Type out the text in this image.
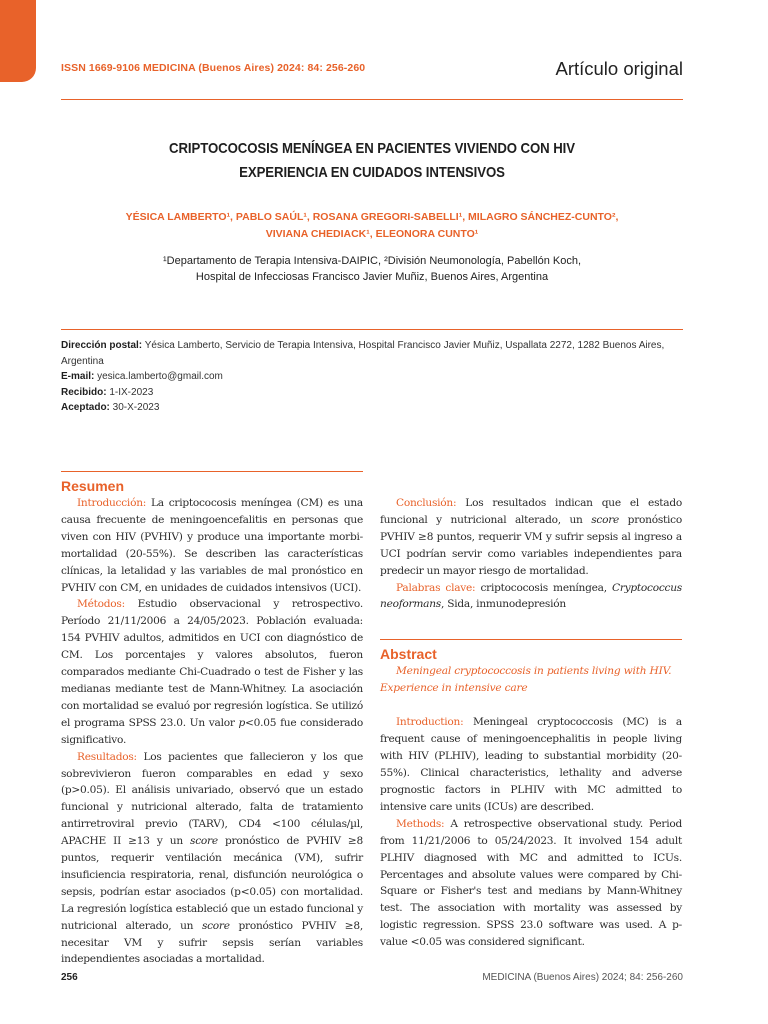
ISSN 1669-9106 MEDICINA (Buenos Aires) 2024: 84: 256-260	Artículo original
CRIPTOCOCOSIS MENÍNGEA EN PACIENTES VIVIENDO CON HIV
EXPERIENCIA EN CUIDADOS INTENSIVOS
YÉSICA LAMBERTO¹, PABLO SAÚL¹, ROSANA GREGORI-SABELLI¹, MILAGRO SÁNCHEZ-CUNTO²,
VIVIANA CHEDIACK¹, ELEONORA CUNTO¹
¹Departamento de Terapia Intensiva-DAIPIC, ²División Neumonología, Pabellón Koch,
Hospital de Infecciosas Francisco Javier Muñiz, Buenos Aires, Argentina
Dirección postal: Yésica Lamberto, Servicio de Terapia Intensiva, Hospital Francisco Javier Muñiz, Uspallata 2272, 1282 Buenos Aires, Argentina
E-mail: yesica.lamberto@gmail.com
Recibido: 1-IX-2023
Aceptado: 30-X-2023
Resumen

Introducción: La criptococosis meníngea (CM) es una causa frecuente de meningoencefalitis en personas que viven con HIV (PVHIV) y produce una importante morbi-mortalidad (20-55%). Se describen las características clínicas, la letalidad y las variables de mal pronóstico en PVHIV con CM, en unidades de cuidados intensivos (UCI).

Métodos: Estudio observacional y retrospectivo. Período 21/11/2006 a 24/05/2023. Población evaluada: 154 PVHIV adultos, admitidos en UCI con diagnóstico de CM. Los porcentajes y valores absolutos, fueron comparados mediante Chi-Cuadrado o test de Fisher y las medianas mediante test de Mann-Whitney. La asociación con mortalidad se evaluó por regresión logística. Se utilizó el programa SPSS 23.0. Un valor p<0.05 fue considerado significativo.

Resultados: Los pacientes que fallecieron y los que sobrevivieron fueron comparables en edad y sexo (p>0.05). El análisis univariado, observó que un estado funcional y nutricional alterado, falta de tratamiento antirretroviral previo (TARV), CD4 <100 células/µl, APACHE II ≥13 y un score pronóstico de PVHIV ≥8 puntos, requerir ventilación mecánica (VM), sufrir insuficiencia respiratoria, renal, disfunción neurológica o sepsis, podrían estar asociados (p<0.05) con mortalidad. La regresión logística estableció que un estado funcional y nutricional alterado, un score pronóstico PVHIV ≥8, necesitar VM y sufrir sepsis serían variables independientes asociadas a mortalidad.

Conclusión: Los resultados indican que el estado funcional y nutricional alterado, un score pronóstico PVHIV ≥8 puntos, requerir VM y sufrir sepsis al ingreso a UCI podrían servir como variables independientes para predecir un mayor riesgo de mortalidad.

Palabras clave: criptococosis meníngea, Cryptococcus neoformans, Sida, inmunodepresión

Abstract

Meningeal cryptococcosis in patients living with HIV. Experience in intensive care

Introduction: Meningeal cryptococcosis (MC) is a frequent cause of meningoencephalitis in people living with HIV (PLHIV), leading to substantial morbidity (20-55%). Clinical characteristics, lethality and adverse prognostic factors in PLHIV with MC admitted to intensive care units (ICUs) are described.

Methods: A retrospective observational study. Period from 11/21/2006 to 05/24/2023. It involved 154 adult PLHIV diagnosed with MC and admitted to ICUs. Percentages and absolute values were compared by Chi-Square or Fisher's test and medians by Mann-Whitney test. The association with mortality was assessed by logistic regression. SPSS 23.0 software was used. A p-value <0.05 was considered significant.

256	MEDICINA (Buenos Aires) 2024; 84: 256-260
